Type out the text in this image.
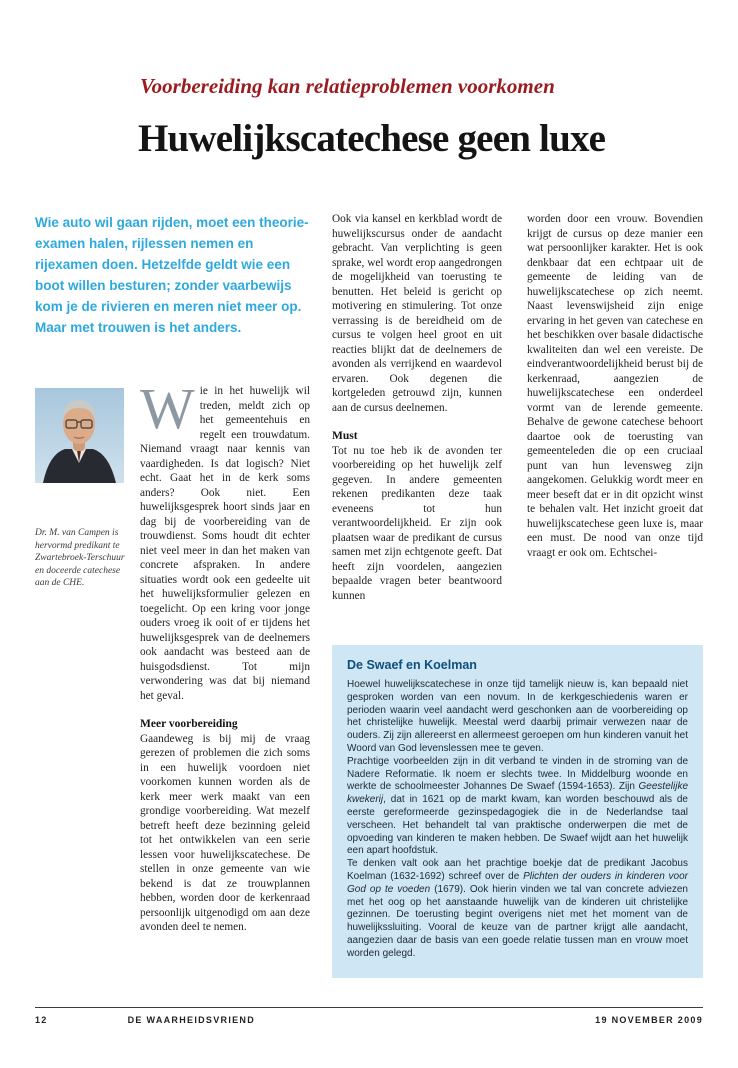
Voorbereiding kan relatieproblemen voorkomen
Huwelijkscatechese geen luxe
Wie auto wil gaan rijden, moet een theorie-examen halen, rijlessen nemen en rijexamen doen. Hetzelfde geldt wie een boot willen besturen; zonder vaarbewijs kom je de rivieren en meren niet meer op. Maar met trouwen is het anders.
Dr. M. van Campen is hervormd predikant te Zwartebroek-Terschuur en doceerde catechese aan de CHE.

Wie in het huwelijk wil treden, meldt zich op het gemeentehuis en regelt een trouwdatum. Niemand vraagt naar kennis van vaardigheden. Is dat logisch? Niet echt. Gaat het in de kerk soms anders? Ook niet. Een huwelijksgesprek hoort sinds jaar en dag bij de voorbereiding van de trouwdienst. Soms houdt dit echter niet veel meer in dan het maken van concrete afspraken. In andere situaties wordt ook een gedeelte uit het huwelijksformulier gelezen en toegelicht. Op een kring voor jonge ouders vroeg ik ooit of er tijdens het huwelijksgesprek van de deelnemers ook aandacht was besteed aan de huisgodsdienst. Tot mijn verwondering was dat bij niemand het geval.

Meer voorbereiding

Gaandeweg is bij mij de vraag gerezen of problemen die zich soms in een huwelijk voordoen niet voorkomen kunnen worden als de kerk meer werk maakt van een grondige voorbereiding. Wat mezelf betreft heeft deze bezinning geleid tot het ontwikkelen van een serie lessen voor huwelijkscatechese. De stellen in onze gemeente van wie bekend is dat ze trouwplannen hebben, worden door de kerkenraad persoonlijk uitgenodigd om aan deze avonden deel te nemen.

Ook via kansel en kerkblad wordt de huwelijkscursus onder de aandacht gebracht. Van verplichting is geen sprake, wel wordt erop aangedrongen de mogelijkheid van toerusting te benutten. Het beleid is gericht op motivering en stimulering. Tot onze verrassing is de bereidheid om de cursus te volgen heel groot en uit reacties blijkt dat de deelnemers de avonden als verrijkend en waardevol ervaren. Ook degenen die kortgeleden getrouwd zijn, kunnen aan de cursus deelnemen.

Must

Tot nu toe heb ik de avonden ter voorbereiding op het huwelijk zelf gegeven. In andere gemeenten rekenen predikanten deze taak eveneens tot hun verantwoordelijkheid. Er zijn ook plaatsen waar de predikant de cursus samen met zijn echtgenote geeft. Dat heeft zijn voordelen, aangezien bepaalde vragen beter beantwoord kunnen

worden door een vrouw. Bovendien krijgt de cursus op deze manier een wat persoonlijker karakter. Het is ook denkbaar dat een echtpaar uit de gemeente de leiding van de huwelijkscatechese op zich neemt. Naast levenswijsheid zijn enige ervaring in het geven van catechese en het beschikken over basale didactische kwaliteiten dan wel een vereiste. De eindverantwoordelijkheid berust bij de kerkenraad, aangezien de huwelijkscatechese een onderdeel vormt van de lerende gemeente. Behalve de gewone catechese behoort daartoe ook de toerusting van gemeenteleden die op een cruciaal punt van hun levensweg zijn aangekomen. Gelukkig wordt meer en meer beseft dat er in dit opzicht winst te behalen valt. Het inzicht groeit dat huwelijkscatechese geen luxe is, maar een must. De nood van onze tijd vraagt er ook om. Echtschei-

De Swaef en Koelman

Hoewel huwelijkscatechese in onze tijd tamelijk nieuw is, kan bepaald niet gesproken worden van een novum. In de kerkgeschiedenis waren er perioden waarin veel aandacht werd geschonken aan de voorbereiding op het christelijke huwelijk. Meestal werd daarbij primair verwezen naar de ouders. Zij zijn allereerst en allermeest geroepen om hun kinderen vanuit het Woord van God levenslessen mee te geven.

Prachtige voorbeelden zijn in dit verband te vinden in de stroming van de Nadere Reformatie. Ik noem er slechts twee. In Middelburg woonde en werkte de schoolmeester Johannes De Swaef (1594-1653). Zijn Geestelijke kwekerij, dat in 1621 op de markt kwam, kan worden beschouwd als de eerste gereformeerde gezinspedagogiek die in de Nederlandse taal verscheen. Het behandelt tal van praktische onderwerpen die met de opvoeding van kinderen te maken hebben. De Swaef wijdt aan het huwelijk een apart hoofdstuk.

Te denken valt ook aan het prachtige boekje dat de predikant Jacobus Koelman (1632-1692) schreef over de Plichten der ouders in kinderen voor God op te voeden (1679). Ook hierin vinden we tal van concrete adviezen met het oog op het aanstaande huwelijk van de kinderen uit christelijke gezinnen. De toerusting begint overigens niet met het moment van de huwelijkssluiting. Vooral de keuze van de partner krijgt alle aandacht, aangezien daar de basis van een goede relatie tussen man en vrouw moet worden gelegd.

12	DE WAARHEIDSVRIEND	19 NOVEMBER 2009
